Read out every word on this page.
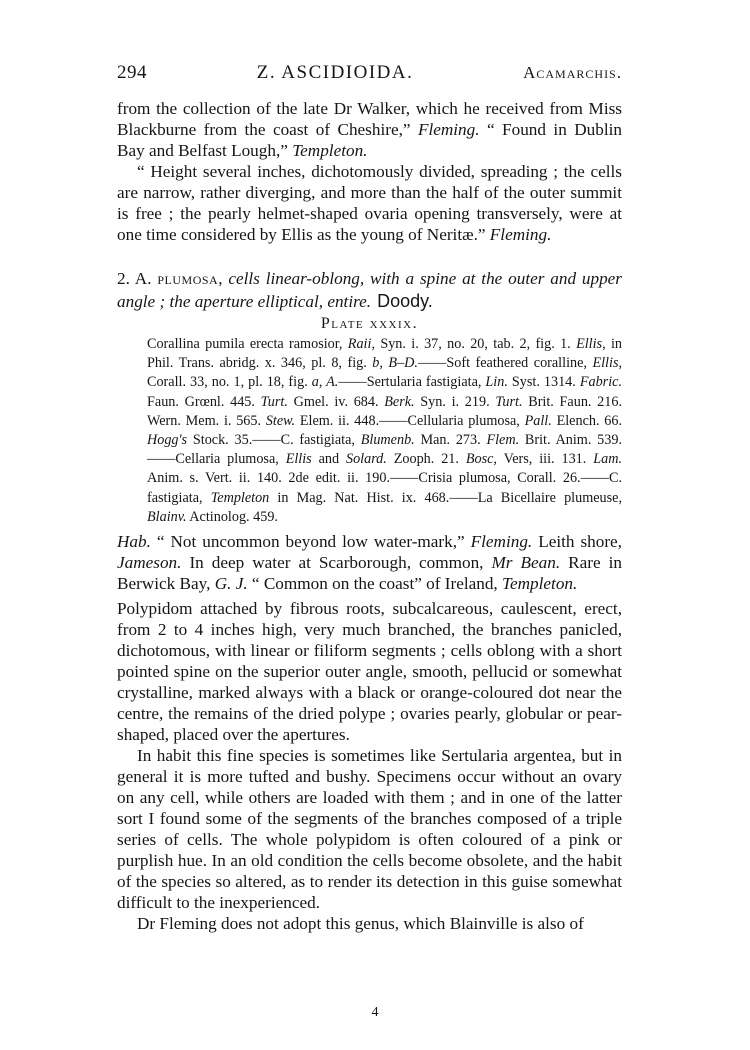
294	Z. ASCIDIOIDA.	Acamarchis.

from the collection of the late Dr Walker, which he received from Miss Blackburne from the coast of Cheshire,” Fleming. “ Found in Dublin Bay and Belfast Lough,” Templeton.

“ Height several inches, dichotomously divided, spreading ; the cells are narrow, rather diverging, and more than the half of the outer summit is free ; the pearly helmet-shaped ovaria opening transversely, were at one time considered by Ellis as the young of Neritæ.” Fleming.

2. A. plumosa, cells linear-oblong, with a spine at the outer and upper angle ; the aperture elliptical, entire. Doody.

Plate xxxix.

Corallina pumila erecta ramosior, Raii, Syn. i. 37, no. 20, tab. 2, fig. 1. Ellis, in Phil. Trans. abridg. x. 346, pl. 8, fig. b, B–D.——Soft feathered coralline, Ellis, Corall. 33, no. 1, pl. 18, fig. a, A.——Sertularia fastigiata, Lin. Syst. 1314. Fabric. Faun. Grœnl. 445. Turt. Gmel. iv. 684. Berk. Syn. i. 219. Turt. Brit. Faun. 216. Wern. Mem. i. 565. Stew. Elem. ii. 448.——Cellularia plumosa, Pall. Elench. 66. Hogg's Stock. 35.——C. fastigiata, Blumenb. Man. 273. Flem. Brit. Anim. 539.——Cellaria plumosa, Ellis and Solard. Zooph. 21. Bosc, Vers, iii. 131. Lam. Anim. s. Vert. ii. 140. 2de edit. ii. 190.——Crisia plumosa, Corall. 26.——C. fastigiata, Templeton in Mag. Nat. Hist. ix. 468.——La Bicellaire plumeuse, Blainv. Actinolog. 459.

Hab. “ Not uncommon beyond low water-mark,” Fleming. Leith shore, Jameson. In deep water at Scarborough, common, Mr Bean. Rare in Berwick Bay, G. J. “ Common on the coast” of Ireland, Templeton.

Polypidom attached by fibrous roots, subcalcareous, caulescent, erect, from 2 to 4 inches high, very much branched, the branches panicled, dichotomous, with linear or filiform segments ; cells oblong with a short pointed spine on the superior outer angle, smooth, pellucid or somewhat crystalline, marked always with a black or orange-coloured dot near the centre, the remains of the dried polype ; ovaries pearly, globular or pear-shaped, placed over the apertures.

In habit this fine species is sometimes like Sertularia argentea, but in general it is more tufted and bushy. Specimens occur without an ovary on any cell, while others are loaded with them ; and in one of the latter sort I found some of the segments of the branches composed of a triple series of cells. The whole polypidom is often coloured of a pink or purplish hue. In an old condition the cells become obsolete, and the habit of the species so altered, as to render its detection in this guise somewhat difficult to the inexperienced.

Dr Fleming does not adopt this genus, which Blainville is also of

4
